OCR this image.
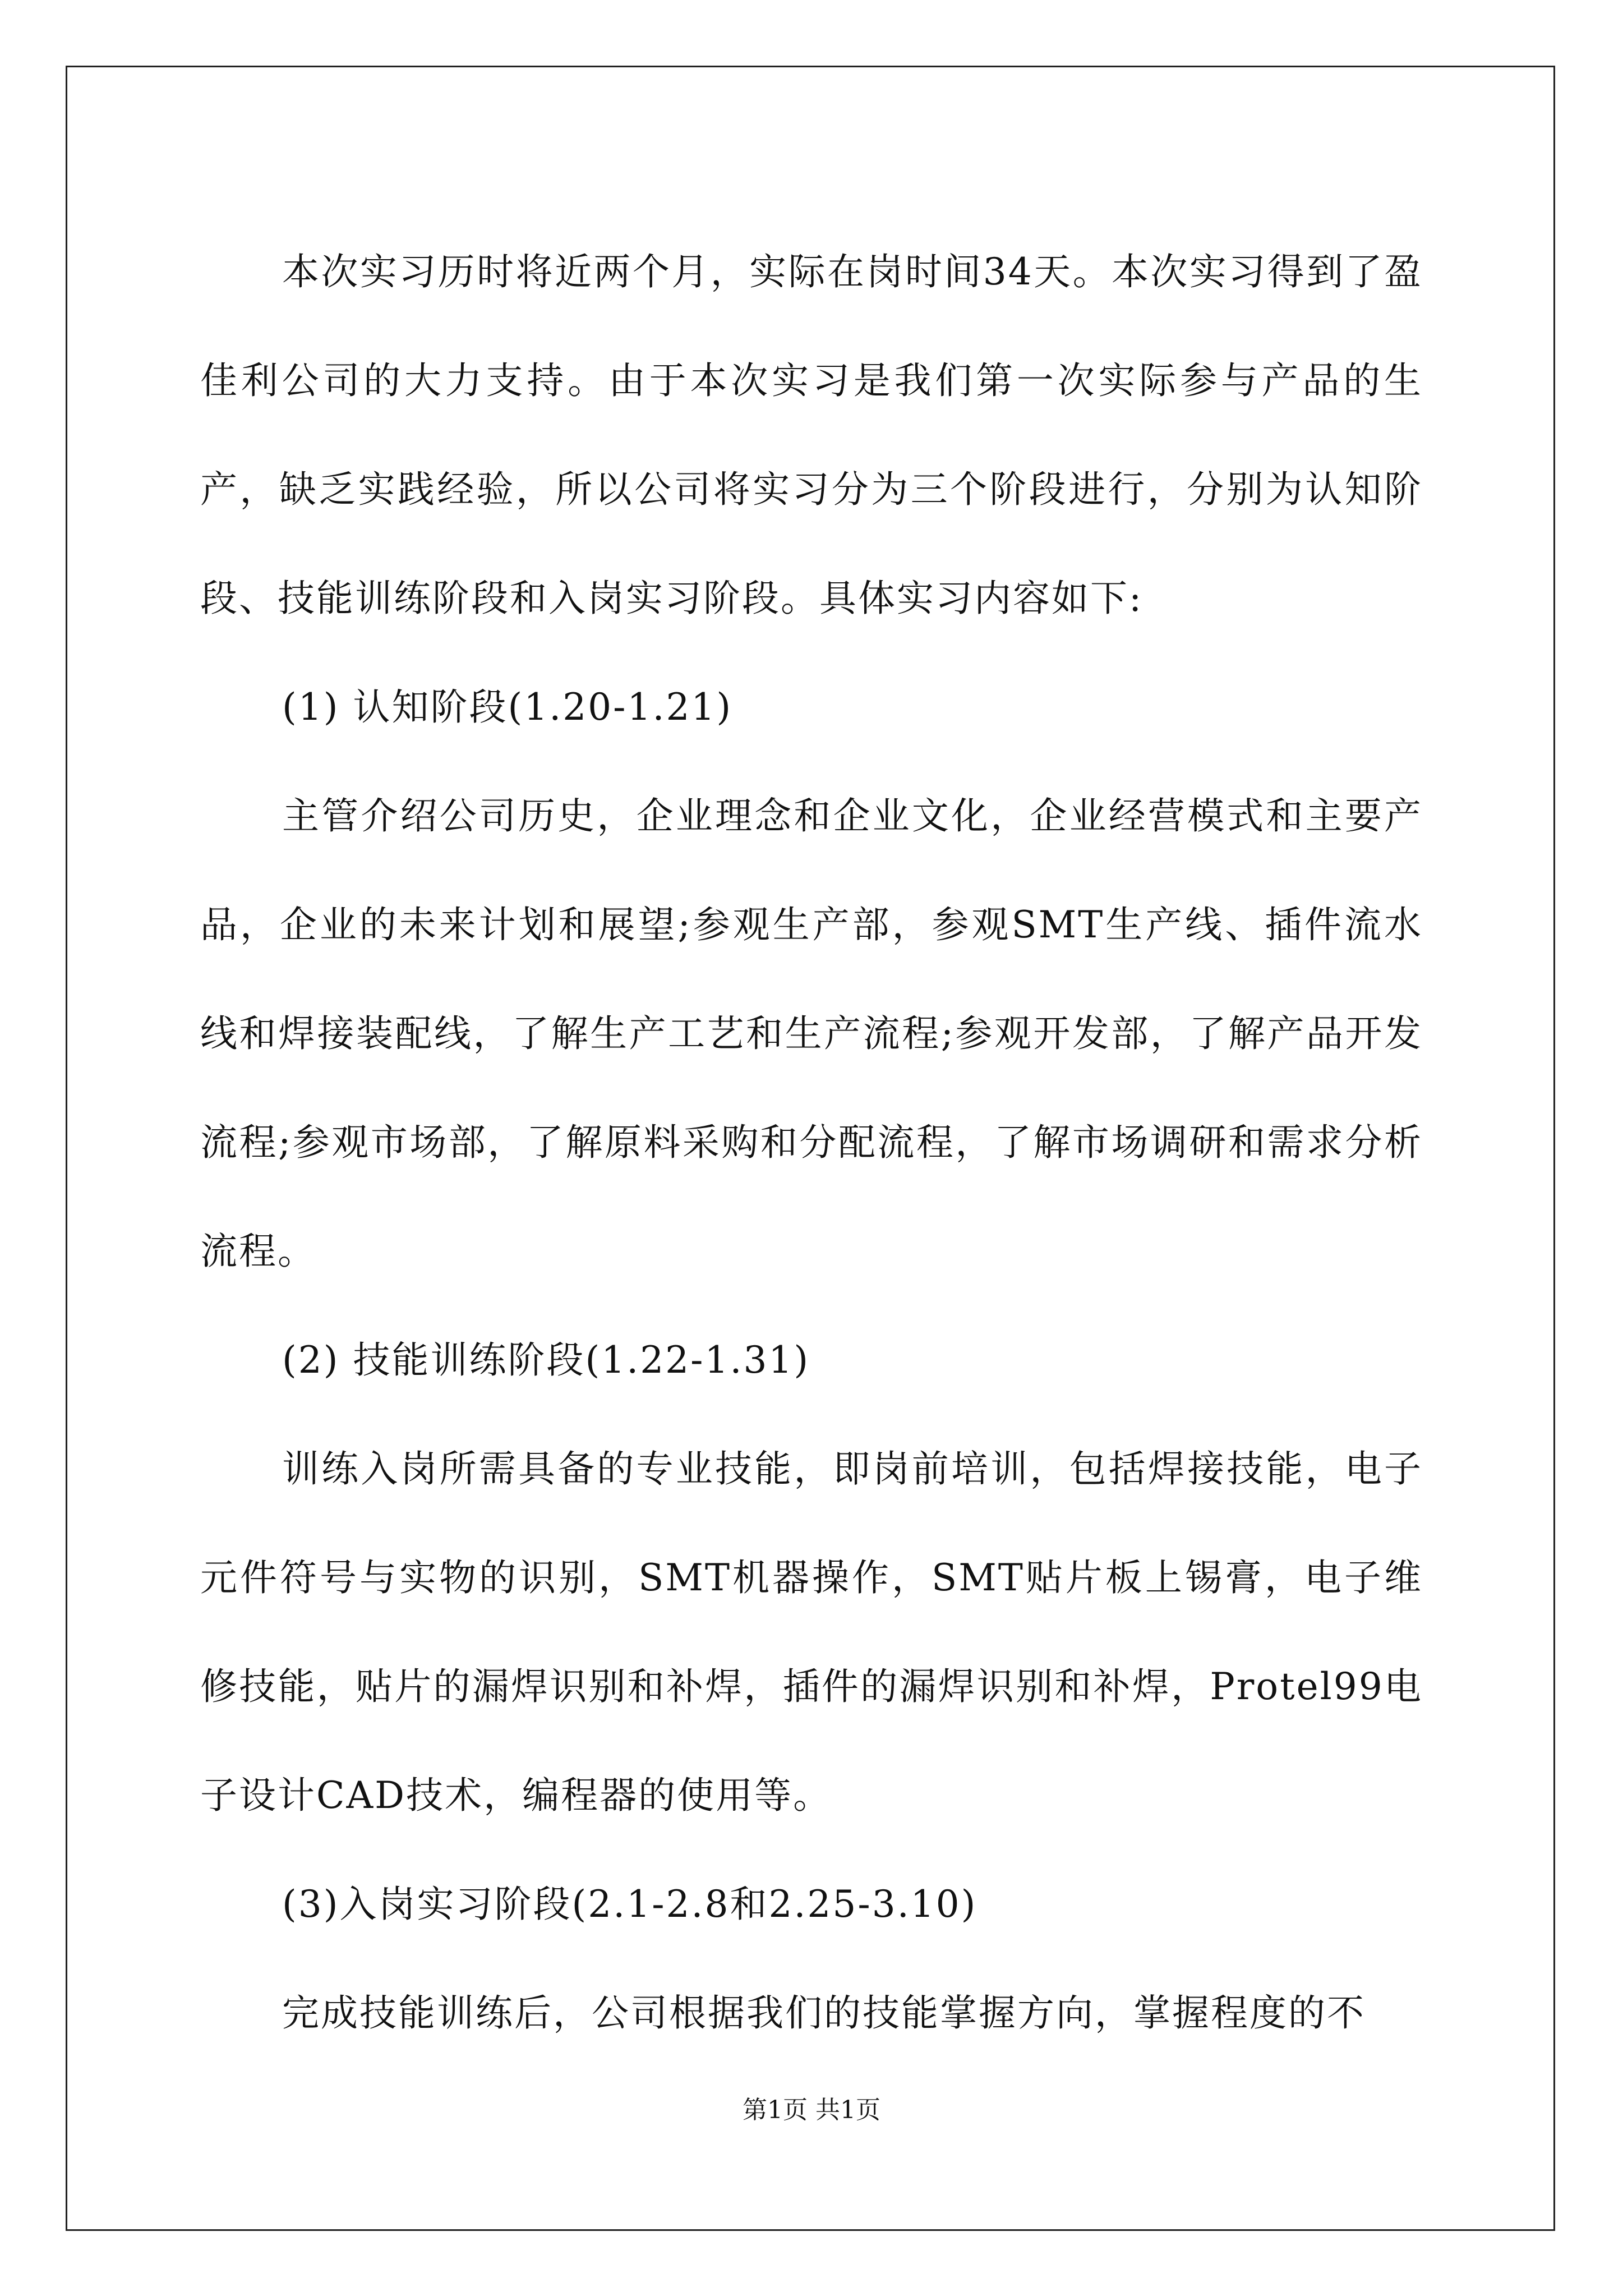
本次实习历时将近两个月，实际在岗时间34天。本次实习得到了盈佳利公司的大力支持。由于本次实习是我们第一次实际参与产品的生产，缺乏实践经验，所以公司将实习分为三个阶段进行，分别为认知阶段、技能训练阶段和入岗实习阶段。具体实习内容如下:

(1) 认知阶段(1.20-1.21)

主管介绍公司历史，企业理念和企业文化，企业经营模式和主要产品，企业的未来计划和展望;参观生产部，参观SMT生产线、插件流水线和焊接装配线，了解生产工艺和生产流程;参观开发部，了解产品开发流程;参观市场部，了解原料采购和分配流程，了解市场调研和需求分析流程。

(2) 技能训练阶段(1.22-1.31)

训练入岗所需具备的专业技能，即岗前培训，包括焊接技能，电子元件符号与实物的识别，SMT机器操作，SMT贴片板上锡膏，电子维修技能，贴片的漏焊识别和补焊，插件的漏焊识别和补焊，Protel99电子设计CAD技术，编程器的使用等。

(3)入岗实习阶段(2.1-2.8和2.25-3.10)

完成技能训练后，公司根据我们的技能掌握方向，掌握程度的不

第1页 共1页
